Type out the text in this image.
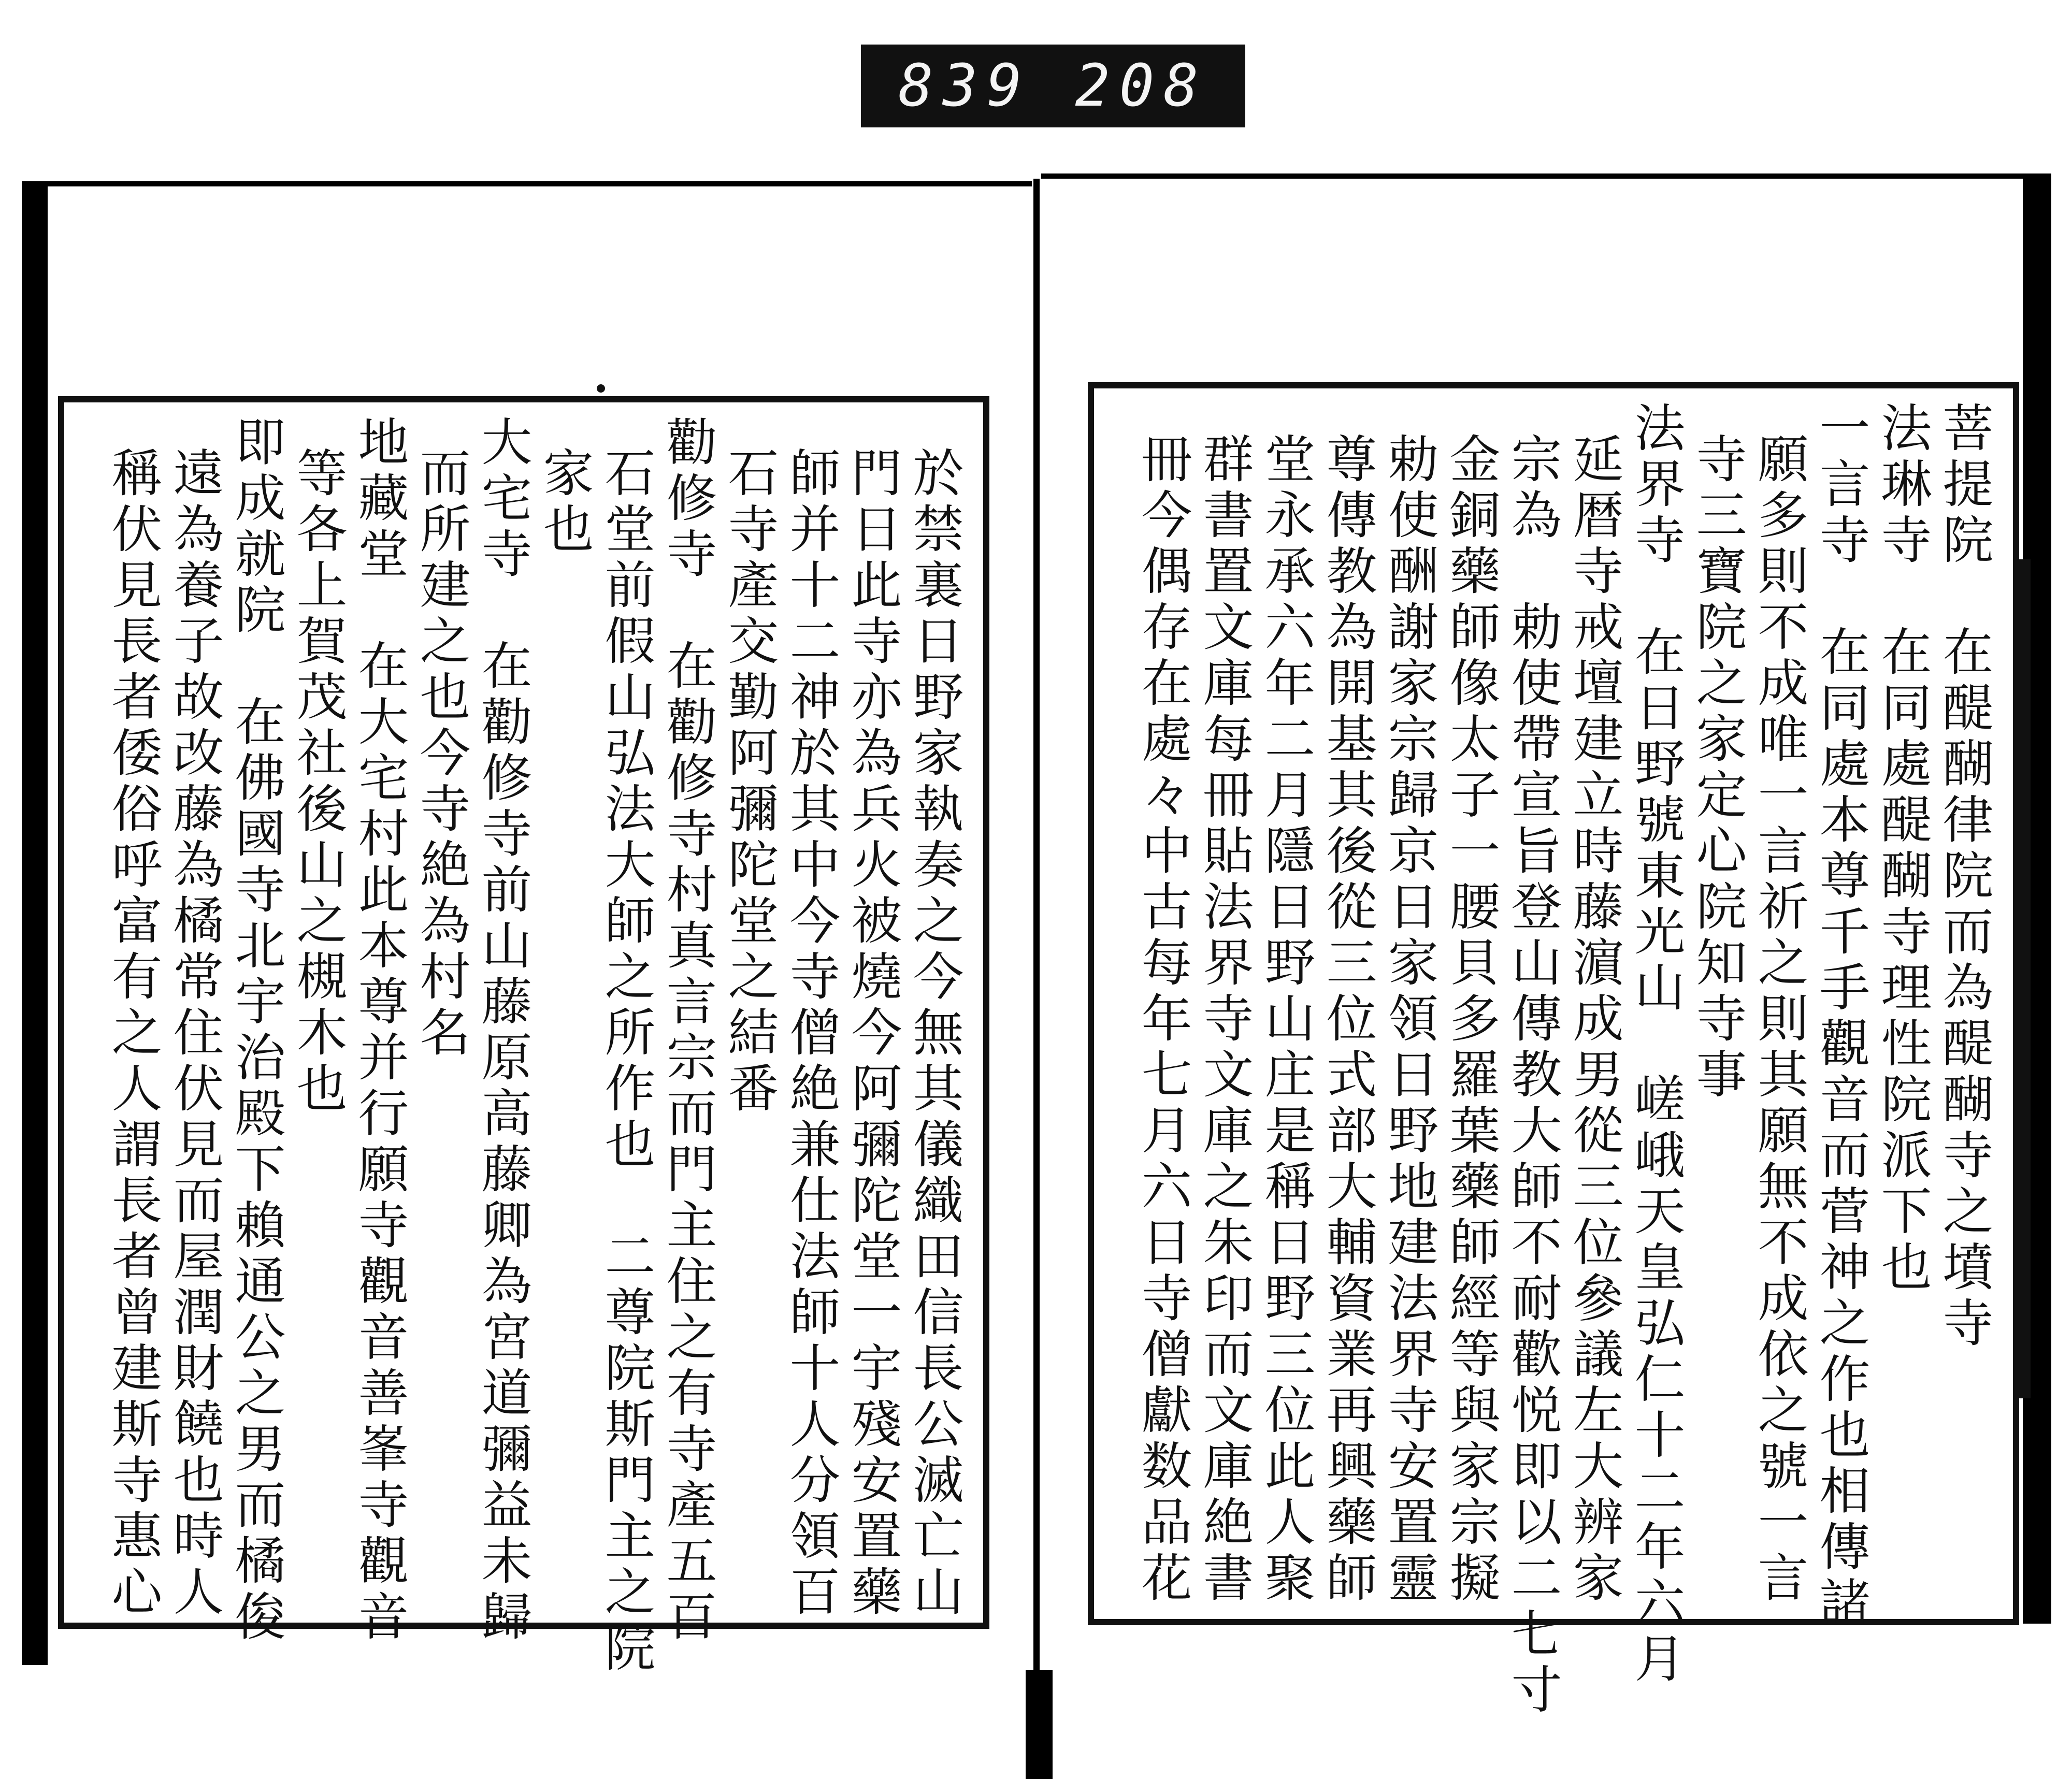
839 208
於禁裏日野家執奏之今無其儀織田信長公滅亡山
門日此寺亦為兵火被燒今阿彌陀堂一宇殘安置藥
師并十二神於其中今寺僧絶兼仕法師十人分領百
石寺產交勤阿彌陀堂之結番
勸修寺　在勸修寺村真言宗而門主住之有寺產五百
石堂前假山弘法大師之所作也　二尊院斯門主之院
家也
大宅寺　在勸修寺前山藤原高藤卿為宮道彌益未歸
而所建之也今寺絶為村名
地藏堂　在大宅村此本尊并行願寺觀音善峯寺觀音
等各上賀茂社後山之槻木也
即成就院　在佛國寺北宇治殿下賴通公之男而橘俊
遠為養子故改藤為橘常住伏見而屋潤財饒也時人
稱伏見長者倭俗呼富有之人謂長者曾建斯寺惠心	菩提院　在醍醐律院而為醍醐寺之墳寺
法琳寺　在同處醍醐寺理性院派下也
一言寺　在同處本尊千手觀音而菅神之作也相傳諸
願多則不成唯一言祈之則其願無不成依之號一言
寺三寶院之家定心院知寺事
法界寺　在日野號東光山　嵯峨天皇弘仁十二年六月
延暦寺戒壇建立時藤濵成男從三位參議左大辨家
宗為　勅使帶宣旨登山傳教大師不耐歡悦即以二七寸
金銅藥師像太子一腰貝多羅葉藥師經等與家宗擬
勅使酬謝家宗歸京日家領日野地建法界寺安置靈
尊傳教為開基其後從三位式部大輔資業再興藥師
堂永承六年二月隱日野山庄是稱日野三位此人聚
群書置文庫每冊貼法界寺文庫之朱印而文庫絶書
冊今偶存在處々中古每年七月六日寺僧獻数品花
